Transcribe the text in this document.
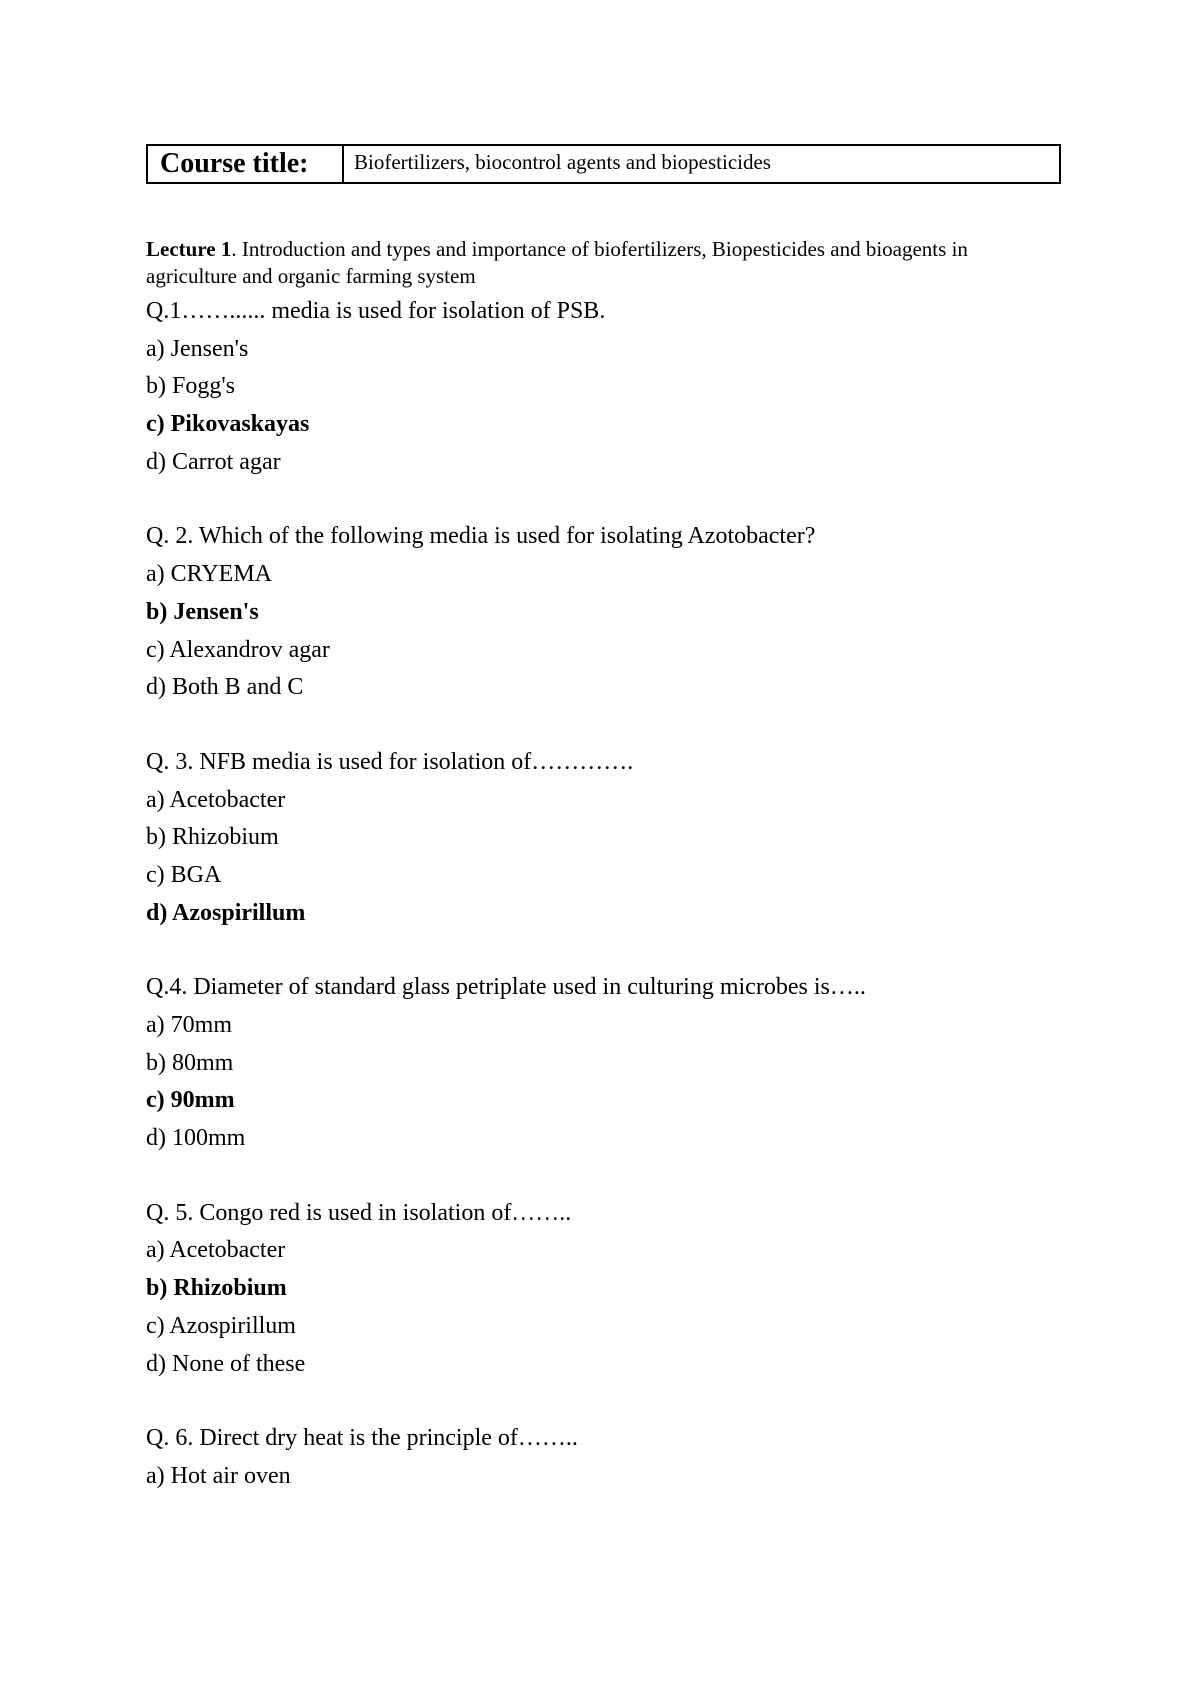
Course title:	Biofertilizers, biocontrol agents and biopesticides
Lecture 1. Introduction and types and importance of biofertilizers, Biopesticides and bioagents in agriculture and organic farming system
Q.1……...... media is used for isolation of PSB.
a) Jensen's
b) Fogg's
c) Pikovaskayas
d) Carrot agar
Q. 2. Which of the following media is used for isolating Azotobacter?
a) CRYEMA
b) Jensen's
c) Alexandrov agar
d) Both B and C
Q. 3. NFB media is used for isolation of………….
a) Acetobacter
b) Rhizobium
c) BGA
d) Azospirillum
Q.4. Diameter of standard glass petriplate used in culturing microbes is…..
a) 70mm
b) 80mm
c) 90mm
d) 100mm
Q. 5. Congo red is used in isolation of……..
a) Acetobacter
b) Rhizobium
c) Azospirillum
d) None of these
Q. 6. Direct dry heat is the principle of……..
a) Hot air oven
